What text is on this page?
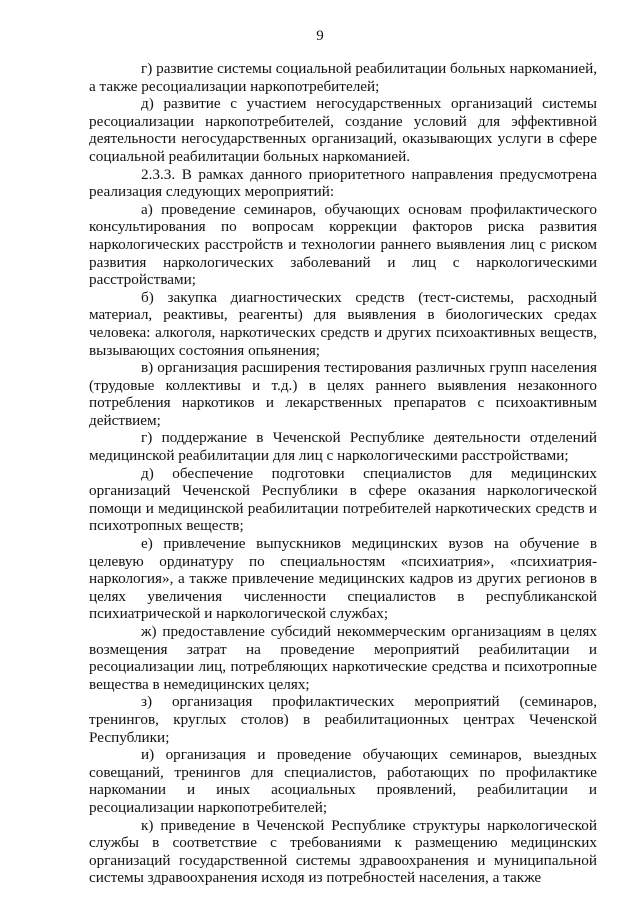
9

г) развитие системы социальной реабилитации больных наркоманией, а также ресоциализации наркопотребителей;

д) развитие с участием негосударственных организаций системы ресоциализации наркопотребителей, создание условий для эффективной деятельности негосударственных организаций, оказывающих услуги в сфере социальной реабилитации больных наркоманией.

2.3.3. В рамках данного приоритетного направления предусмотрена реализация следующих мероприятий:

а) проведение семинаров, обучающих основам профилактического консультирования по вопросам коррекции факторов риска развития наркологических расстройств и технологии раннего выявления лиц с риском развития наркологических заболеваний и лиц с наркологическими расстройствами;

б) закупка диагностических средств (тест-системы, расходный материал, реактивы, реагенты) для выявления в биологических средах человека: алкоголя, наркотических средств и других психоактивных веществ, вызывающих состояния опьянения;

в) организация расширения тестирования различных групп населения (трудовые коллективы и т.д.) в целях раннего выявления незаконного потребления наркотиков и лекарственных препаратов с психоактивным действием;

г) поддержание в Чеченской Республике деятельности отделений медицинской реабилитации для лиц с наркологическими расстройствами;

д) обеспечение подготовки специалистов для медицинских организаций Чеченской Республики в сфере оказания наркологической помощи и медицинской реабилитации потребителей наркотических средств и психотропных веществ;

е) привлечение выпускников медицинских вузов на обучение в целевую ординатуру по специальностям «психиатрия», «психиатрия-наркология», а также привлечение медицинских кадров из других регионов в целях увеличения численности специалистов в республиканской психиатрической и наркологической службах;

ж) предоставление субсидий некоммерческим организациям в целях возмещения затрат на проведение мероприятий реабилитации и ресоциализации лиц, потребляющих наркотические средства и психотропные вещества в немедицинских целях;

з) организация профилактических мероприятий (семинаров, тренингов, круглых столов) в реабилитационных центрах Чеченской Республики;

и) организация и проведение обучающих семинаров, выездных совещаний, тренингов для специалистов, работающих по профилактике наркомании и иных асоциальных проявлений, реабилитации и ресоциализации наркопотребителей;

к) приведение в Чеченской Республике структуры наркологической службы в соответствие с требованиями к размещению медицинских организаций государственной системы здравоохранения и муниципальной системы здравоохранения исходя из потребностей населения, а также
